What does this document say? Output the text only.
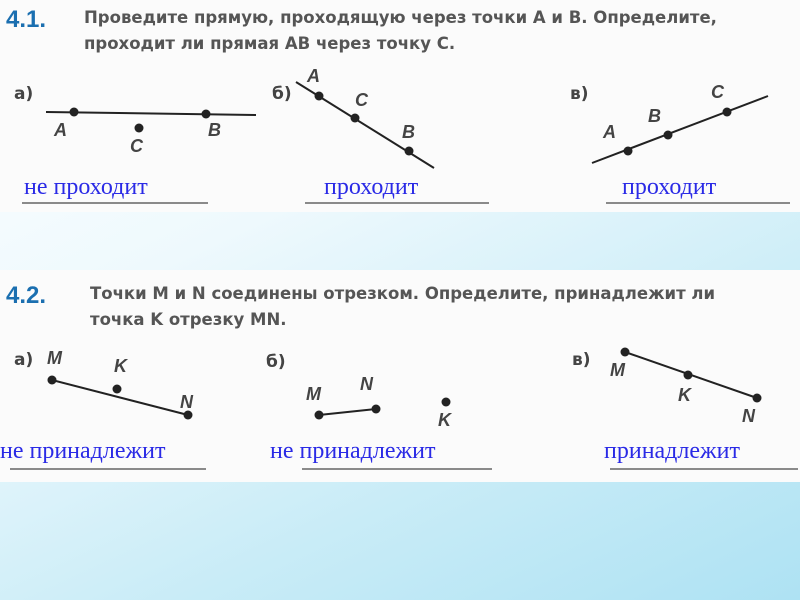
4.1. Проведите прямую, проходящую через точки A и B. Определите,
проходит ли прямая AB через точку C.
а)	б)	в)
A
C
B
A
C
B	A
B
C
не проходит	проходит	проходит
4.2.	Точки M и N соединены отрезком. Определите, принадлежит ли
точка K отрезку MN.
а)	б)	в)
M	K
N	M N
K
M
K
N
не принадлежит	не принадлежит	принадлежит
